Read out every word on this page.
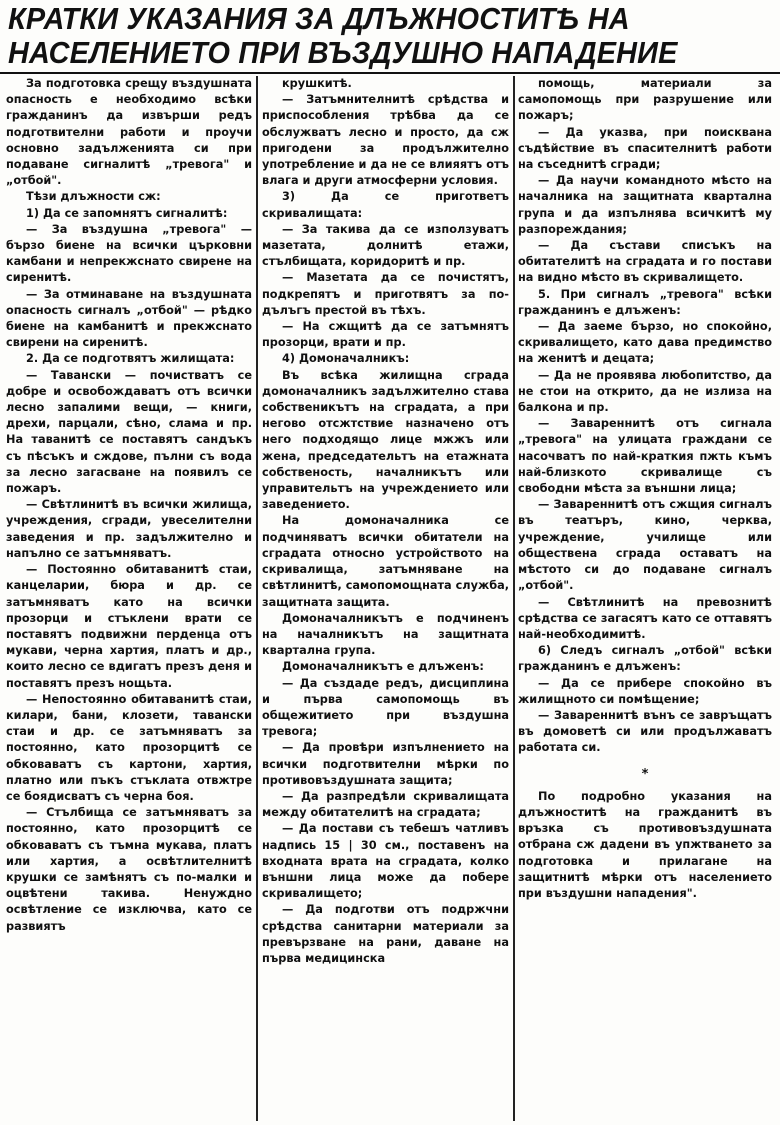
КРАТКИ УКАЗАНИЯ ЗА ДЛЪЖНОСТИТѢ НА
НАСЕЛЕНИЕТО ПРИ ВЪЗДУШНО НАПАДЕНИЕ

За подготовка срещу въздушната опасность е необходимо всѣки гражданинъ да извърши редъ подготвителни работи и проучи основно задълженията си при подаване сигналитѣ „тревога" и „отбой".

Тѣзи длъжности сж:

1) Да се запомнятъ сигналитѣ:

— За въздушна „тревога" — бързо биене на всички църковни камбани и непрекжснато свирене на сиренитѣ.

— За отминаване на въздушната опасность сигналъ „отбой" — рѣдко биене на камбанитѣ и прекжснато свирени на сиренитѣ.

2. Да се подготвятъ жилищата:

— Тавански — почистватъ се добре и освобождаватъ отъ всички лесно запалими вещи, — книги, дрехи, парцали, сѣно, слама и пр. На таванитѣ се поставятъ сандъкъ съ пѣсъкъ и сждове, пълни съ вода за лесно загасване на появилъ се пожаръ.

— Свѣтлинитѣ въ всички жилища, учреждения, сгради, увеселителни заведения и пр. задължително и напълно се затъмняватъ.

— Постоянно обитаванитѣ стаи, канцеларии, бюра и др. се затъмняватъ като на всички прозорци и стъклени врати се поставятъ подвижни перденца отъ мукави, черна хартия, платъ и др., които лесно се вдигатъ презъ деня и поставятъ презъ нощьта.

— Непостоянно обитаванитѣ стаи, килари, бани, клозети, тавански стаи и др. се затъмняватъ за постоянно, като прозорцитѣ се обковаватъ съ картони, хартия, платно или пъкъ стъклата отвжтре се боядисватъ съ черна боя.

— Стълбища се затъмняватъ за постоянно, като прозорцитѣ се обковаватъ съ тъмна мукава, платъ или хартия, а освѣтлителнитѣ крушки се замѣнятъ съ по-малки и оцвѣтени такива. Ненуждно освѣтление се изключва, като се развиятъ

крушкитѣ.

— Затъмнителнитѣ срѣдства и приспособления трѣбва да се обслужватъ лесно и просто, да сж пригодени за продължително употребление и да не се влияятъ отъ влага и други атмосферни условия.

3) Да се пригответъ скривалищата:

— За такива да се използуватъ мазетата, долнитѣ етажи, стълбищата, коридоритѣ и пр.

— Мазетата да се почистятъ, подкрепятъ и приготвятъ за по-дълъгъ престой въ тѣхъ.

— На сжщитѣ да се затъмнятъ прозорци, врати и пр.

4) Домоначалникъ:

Въ всѣка жилищна сграда домоначалникъ задължително става собственикътъ на сградата, а при негово отсжтствие назначено отъ него подходящо лице мжжъ или жена, председательтъ на етажната собственость, началникътъ или управительтъ на учреждението или заведението.

На домоначалника се подчиняватъ всички обитатели на сградата относно устройството на скривалища, затъмняване на свѣтлинитѣ, самопомощната служба, защитната защита.

Домоначалникътъ е подчиненъ на началникътъ на защитната квартална група.

Домоначалникътъ е длъженъ:

— Да създаде редъ, дисциплина и първа самопомощь въ общежитието при въздушна тревога;

— Да провѣри изпълнението на всички подготвителни мѣрки по противовъздушната защита;

— Да разпредѣли скривалищата между обитателитѣ на сградата;

— Да постави съ тебешъ чатливъ надпись 15 | 30 см., поставенъ на входната врата на сградата, колко външни лица може да побере скривалището;

— Да подготви отъ подржчни срѣдства санитарни материали за превързване на рани, даване на първа медицинска

помощь, материали за самопомощь при разрушение или пожаръ;

— Да указва, при поисквана съдѣйствие въ спасителнитѣ работи на съседнитѣ сгради;

— Да научи командното мѣсто на началника на защитната квартална група и да изпълнява всичкитѣ му разпореждания;

— Да състави списъкъ на обитателитѣ на сградата и го постави на видно мѣсто въ скривалището.

5. При сигналъ „тревога" всѣки гражданинъ е длъженъ:

— Да заеме бързо, но спокойно, скривалището, като дава предимство на женитѣ и децата;

— Да не проявява любопитство, да не стои на открито, да не излиза на балкона и пр.

— Завареннитѣ отъ сигнала „тревога" на улицата граждани се насочватъ по най-краткия пжть къмъ най-близкото скривалище съ свободни мѣста за външни лица;

— Завареннитѣ отъ сжщия сигналъ въ театъръ, кино, черква, учреждение, училище или обществена сграда оставатъ на мѣстото си до подаване сигналъ „отбой".

— Свѣтлинитѣ на превознитѣ срѣдства се загасятъ като се оттавятъ най-необходимитѣ.

6) Следъ сигналъ „отбой" всѣки гражданинъ е длъженъ:

— Да се прибере спокойно въ жилищното си помѣщение;

— Завареннитѣ вънъ се завръщатъ въ домоветѣ си или продължаватъ работата си.

*

По подробно указания на длъжноститѣ на гражданитѣ въ връзка съ противовъздушната отбрана сж дадени въ упжтването за подготовка и прилагане на защитнитѣ мѣрки отъ населението при въздушни нападения".
